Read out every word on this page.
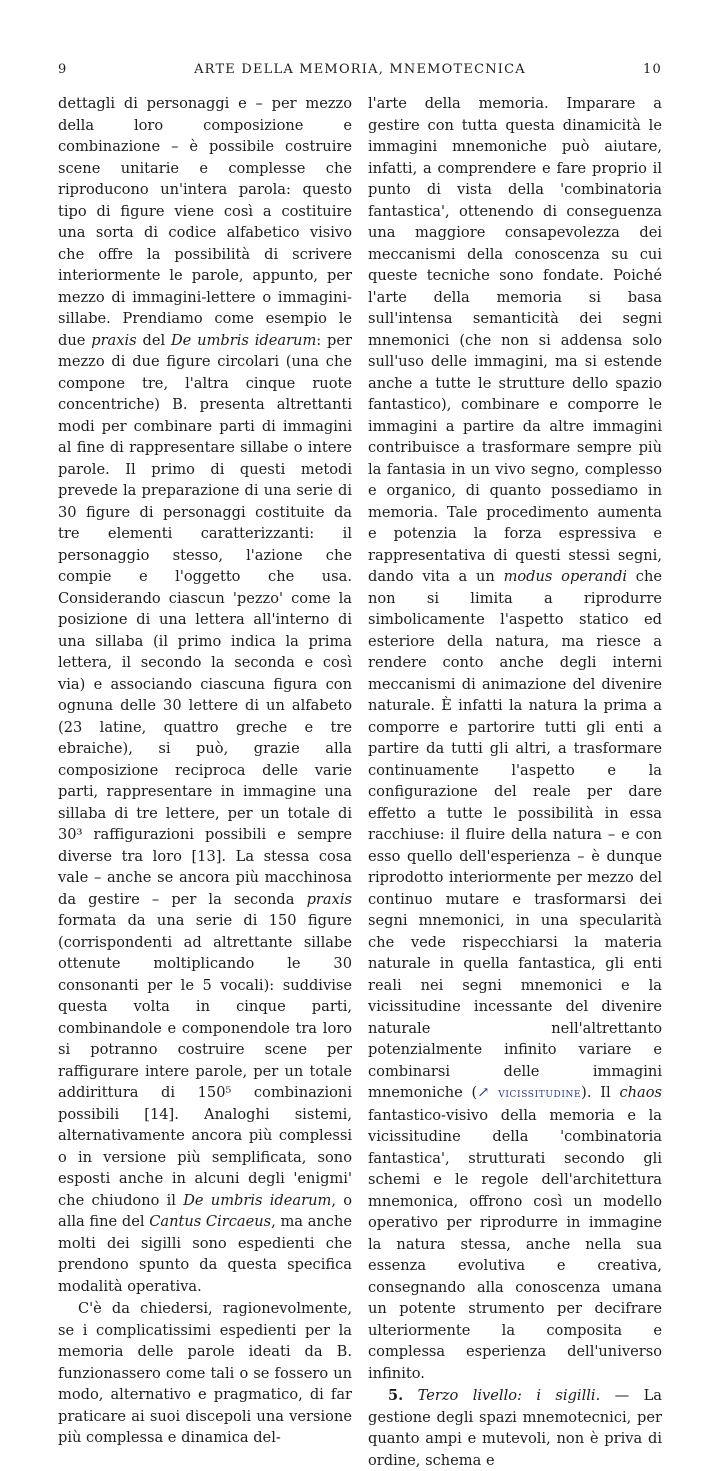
9	ARTE DELLA MEMORIA, MNEMOTECNICA	10

dettagli di personaggi e – per mezzo della loro composizione e combinazione – è possibile costruire scene unitarie e complesse che riproducono un'intera parola: questo tipo di figure viene così a costituire una sorta di codice alfabetico visivo che offre la possibilità di scrivere interiormente le parole, appunto, per mezzo di immagini-lettere o immagini-sillabe. Prendiamo come esempio le due praxis del De umbris idearum: per mezzo di due figure circolari (una che compone tre, l'altra cinque ruote concentriche) B. presenta altrettanti modi per combinare parti di immagini al fine di rappresentare sillabe o intere parole. Il primo di questi metodi prevede la preparazione di una serie di 30 figure di personaggi costituite da tre elementi caratterizzanti: il personaggio stesso, l'azione che compie e l'oggetto che usa. Considerando ciascun 'pezzo' come la posizione di una lettera all'interno di una sillaba (il primo indica la prima lettera, il secondo la seconda e così via) e associando ciascuna figura con ognuna delle 30 lettere di un alfabeto (23 latine, quattro greche e tre ebraiche), si può, grazie alla composizione reciproca delle varie parti, rappresentare in immagine una sillaba di tre lettere, per un totale di 30³ raffigurazioni possibili e sempre diverse tra loro [13]. La stessa cosa vale – anche se ancora più macchinosa da gestire – per la seconda praxis formata da una serie di 150 figure (corrispondenti ad altrettante sillabe ottenute moltiplicando le 30 consonanti per le 5 vocali): suddivise questa volta in cinque parti, combinandole e componendole tra loro si potranno costruire scene per raffigurare intere parole, per un totale addirittura di 150⁵ combinazioni possibili [14]. Analoghi sistemi, alternativamente ancora più complessi o in versione più semplificata, sono esposti anche in alcuni degli 'enigmi' che chiudono il De umbris idearum, o alla fine del Cantus Circaeus, ma anche molti dei sigilli sono espedienti che prendono spunto da questa specifica modalità operativa.

C'è da chiedersi, ragionevolmente, se i complicatissimi espedienti per la memoria delle parole ideati da B. funzionassero come tali o se fossero un modo, alternativo e pragmatico, di far praticare ai suoi discepoli una versione più complessa e dinamica del-

l'arte della memoria. Imparare a gestire con tutta questa dinamicità le immagini mnemoniche può aiutare, infatti, a comprendere e fare proprio il punto di vista della 'combinatoria fantastica', ottenendo di conseguenza una maggiore consapevolezza dei meccanismi della conoscenza su cui queste tecniche sono fondate. Poiché l'arte della memoria si basa sull'intensa semanticità dei segni mnemonici (che non si addensa solo sull'uso delle immagini, ma si estende anche a tutte le strutture dello spazio fantastico), combinare e comporre le immagini a partire da altre immagini contribuisce a trasformare sempre più la fantasia in un vivo segno, complesso e organico, di quanto possediamo in memoria. Tale procedimento aumenta e potenzia la forza espressiva e rappresentativa di questi stessi segni, dando vita a un modus operandi che non si limita a riprodurre simbolicamente l'aspetto statico ed esteriore della natura, ma riesce a rendere conto anche degli interni meccanismi di animazione del divenire naturale. È infatti la natura la prima a comporre e partorire tutti gli enti a partire da tutti gli altri, a trasformare continuamente l'aspetto e la configurazione del reale per dare effetto a tutte le possibilità in essa racchiuse: il fluire della natura – e con esso quello dell'esperienza – è dunque riprodotto interiormente per mezzo del continuo mutare e trasformarsi dei segni mnemonici, in una specularità che vede rispecchiarsi la materia naturale in quella fantastica, gli enti reali nei segni mnemonici e la vicissitudine incessante del divenire naturale nell'altrettanto potenzialmente infinito variare e combinarsi delle immagini mnemoniche (↗ vicissitudine). Il chaos fantastico-visivo della memoria e la vicissitudine della 'combinatoria fantastica', strutturati secondo gli schemi e le regole dell'architettura mnemonica, offrono così un modello operativo per riprodurre in immagine la natura stessa, anche nella sua essenza evolutiva e creativa, consegnando alla conoscenza umana un potente strumento per decifrare ulteriormente la composita e complessa esperienza dell'universo infinito.

5. Terzo livello: i sigilli. — La gestione degli spazi mnemotecnici, per quanto ampi e mutevoli, non è priva di ordine, schema e
